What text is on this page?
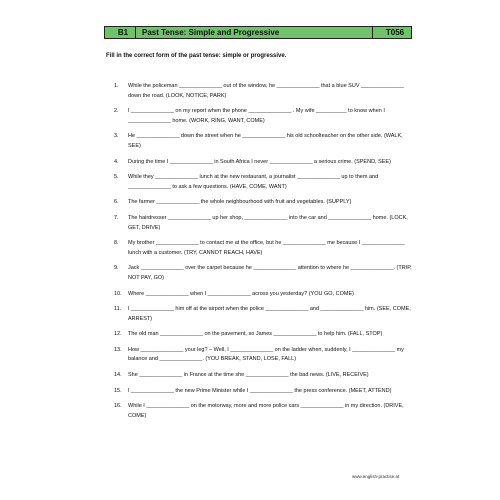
B1	Past Tense: Simple and Progressive	T056
Fill in the correct form of the past tense: simple or progressive.
1. While the policeman ______________ out of the window, he ______________ that a blue SUV ______________ down the road. (LOOK, NOTICE, PARK)
2. I ______________ on my report when the phone ______________ . My wife __________ to know when I ______________ home. (WORK, RING, WANT, COME)
3. He ______________ down the street when he ______________ his old schoolteacher on the other side. (WALK, SEE)
4. During the time I ______________ in South Africa I never ______________ a serious crime. (SPEND, SEE)
5. While they ______________ lunch at the new restaurant, a journalist ______________ up to them and ______________ to ask a few questions. (HAVE, COME, WANT)
6. The farmer ______________ the whole neighbourhood with fruit and vegetables. (SUPPLY)
7. The hairdresser ______________ up her shop, ______________ into the car and ______________ home. (LOCK, GET, DRIVE)
8. My brother ______________ to contact me at the office, but he ______________ me because I ______________ lunch with a customer. (TRY, CANNOT REACH, HAVE)
9. Jack ______________ over the carpet because he ______________ attention to where he ______________. (TRIP, NOT PAY, GO)
10. Where ______________ when I ______________ across you yesterday? (YOU GO, COME)
11. I ______________ him off at the airport when the police ______________ and ______________ him. (SEE, COME, ARREST)
12. The old man ______________ on the pavement, so James ______________ to help him. (FALL, STOP)
13. How ______________ your leg? – Well, I ______________ on the ladder when, suddenly, I ______________ my balance and ______________. (YOU BREAK, STAND, LOSE, FALL)
14. She ______________ in France at the time she ______________ the bad news. (LIVE, RECEIVE)
15. I ______________ the new Prime Minister while I ______________ the press conference. (MEET, ATTEND)
16. While I ______________ on the motorway, more and more police cars ______________ in my direction. (DRIVE, COME)
www.english-practise.at
